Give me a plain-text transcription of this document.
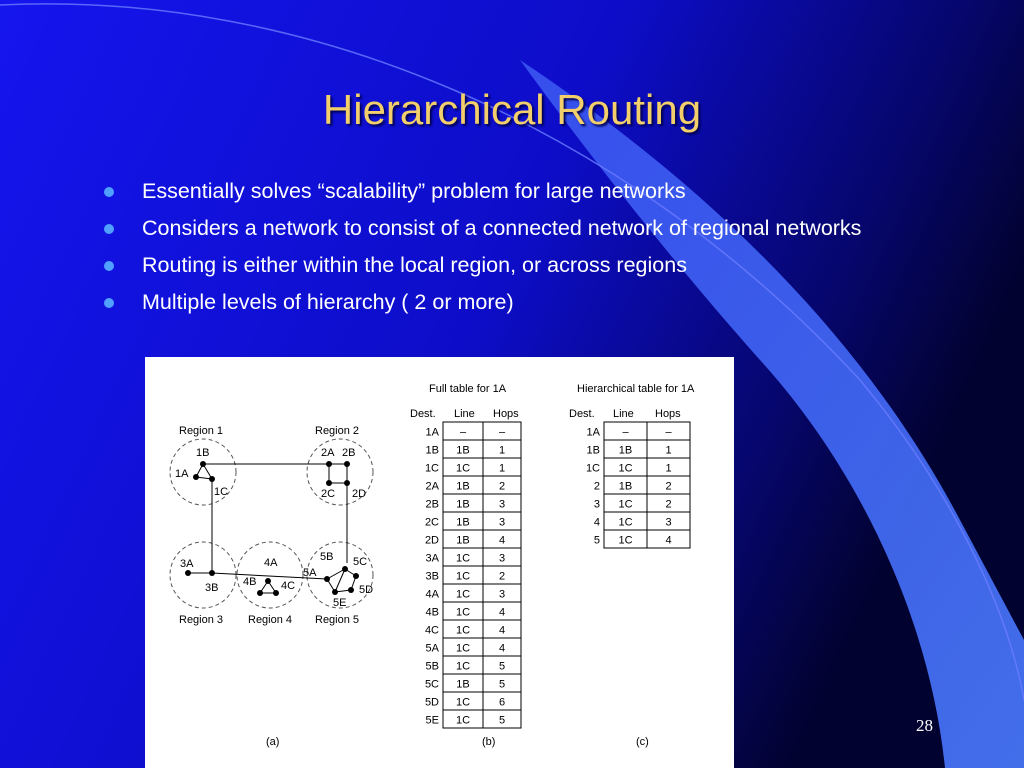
Hierarchical Routing
Essentially solves “scalability” problem for large networks
Considers a network to consist of a connected network of regional networks
Routing is either within the local region, or across regions
Multiple levels of hierarchy ( 2 or more)
Region 1	Region 2
Region 3 Region 4 Region 5
1A
1B
1C
2A 2B
2C 2D
3A
3B
4A
4B 4C
5A
5B 5C
5D
5E
(a)	(b)	(c)
Full table for 1A
Dest. Line Hops
Hierarchical table for 1A
Dest. Line Hops
1A –	–
1B 1B	1
1C 1C	1
2A 1B	2
2B 1B	3
2C 1B	3
2D 1B	4
3A 1C	3
3B 1C	2
4A 1C	3
4B 1C	4
4C 1C	4
5A 1C	4
5B 1C	5
5C 1B	5
5D 1C	6
5E 1C	5
1A –	–
1B 1B	1
1C 1C	1
2 1B	2
3 1C	2
4 1C	3
5 1C	4
28
